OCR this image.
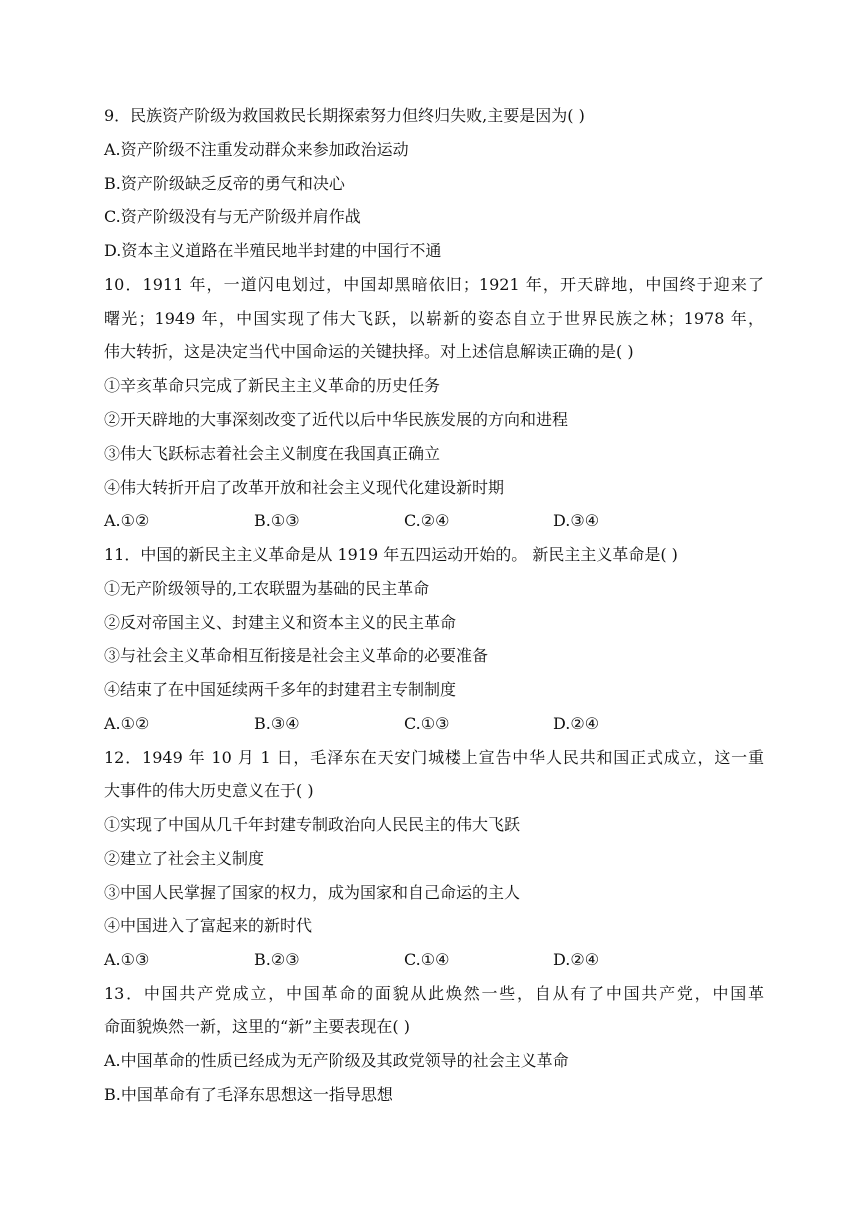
9．民族资产阶级为救国救民长期探索努力但终归失败,主要是因为( )
A.资产阶级不注重发动群众来参加政治运动
B.资产阶级缺乏反帝的勇气和决心
C.资产阶级没有与无产阶级并肩作战
D.资本主义道路在半殖民地半封建的中国行不通
10．1911 年，一道闪电划过，中国却黑暗依旧；1921 年，开天辟地，中国终于迎来了
曙光；1949 年，中国实现了伟大飞跃，以崭新的姿态自立于世界民族之林；1978 年，
伟大转折，这是决定当代中国命运的关键抉择。对上述信息解读正确的是( )
①辛亥革命只完成了新民主主义革命的历史任务
②开天辟地的大事深刻改变了近代以后中华民族发展的方向和进程
③伟大飞跃标志着社会主义制度在我国真正确立
④伟大转折开启了改革开放和社会主义现代化建设新时期
A.①②	B.①③	C.②④	D.③④
11．中国的新民主主义革命是从 1919 年五四运动开始的。 新民主主义革命是( )
①无产阶级领导的,工农联盟为基础的民主革命
②反对帝国主义、封建主义和资本主义的民主革命
③与社会主义革命相互衔接是社会主义革命的必要准备
④结束了在中国延续两千多年的封建君主专制制度
A.①②	B.③④	C.①③	D.②④
12．1949 年 10 月 1 日，毛泽东在天安门城楼上宣告中华人民共和国正式成立，这一重
大事件的伟大历史意义在于( )
①实现了中国从几千年封建专制政治向人民民主的伟大飞跃
②建立了社会主义制度
③中国人民掌握了国家的权力，成为国家和自己命运的主人
④中国进入了富起来的新时代
A.①③	B.②③	C.①④	D.②④
13．中国共产党成立，中国革命的面貌从此焕然一些，自从有了中国共产党，中国革
命面貌焕然一新，这里的“新”主要表现在( )
A.中国革命的性质已经成为无产阶级及其政党领导的社会主义革命
B.中国革命有了毛泽东思想这一指导思想
